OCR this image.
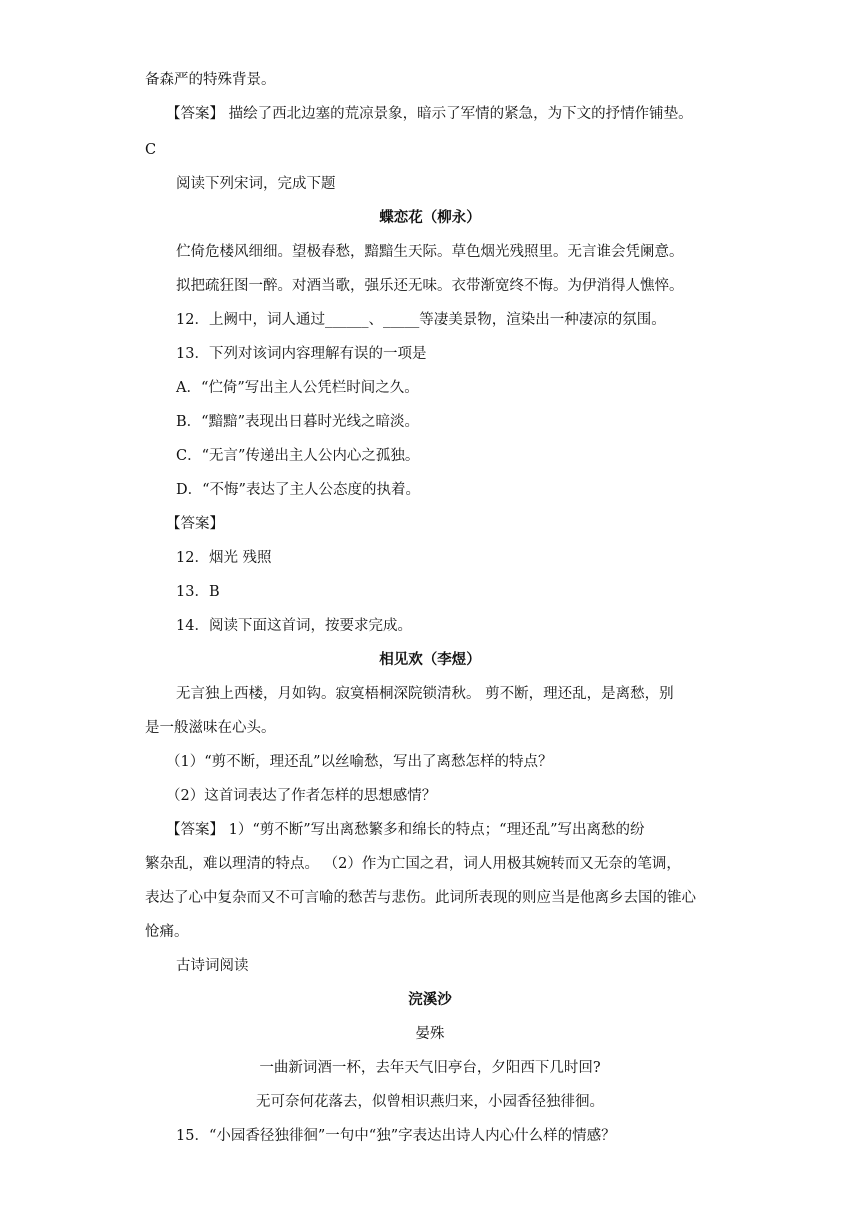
备森严的特殊背景。
【答案】 描绘了西北边塞的荒凉景象，暗示了军情的紧急，为下文的抒情作铺垫。
C
阅读下列宋词，完成下题
蝶恋花（柳永）
伫倚危楼风细细。望极春愁，黯黯生天际。草色烟光残照里。无言谁会凭阑意。
拟把疏狂图一醉。对酒当歌，强乐还无味。衣带渐宽终不悔。为伊消得人憔悴。
12．上阙中，词人通过______、_____等凄美景物，渲染出一种凄凉的氛围。
13．下列对该词内容理解有误的一项是
A．“伫倚”写出主人公凭栏时间之久。
B．“黯黯”表现出日暮时光线之暗淡。
C．“无言”传递出主人公内心之孤独。
D．“不悔”表达了主人公态度的执着。
【答案】
12．烟光 残照
13．B
14．阅读下面这首词，按要求完成。
相见欢（李煜）
无言独上西楼，月如钩。寂寞梧桐深院锁清秋。 剪不断，理还乱，是离愁，别
是一般滋味在心头。
（1）“剪不断，理还乱”以丝喻愁，写出了离愁怎样的特点？
（2）这首词表达了作者怎样的思想感情？
【答案】 1）“剪不断”写出离愁繁多和绵长的特点；“理还乱”写出离愁的纷
繁杂乱，难以理清的特点。 （2）作为亡国之君，词人用极其婉转而又无奈的笔调，
表达了心中复杂而又不可言喻的愁苦与悲伤。此词所表现的则应当是他离乡去国的锥心
怆痛。
古诗词阅读
浣溪沙
晏殊
一曲新词酒一杯，去年天气旧亭台，夕阳西下几时回?
无可奈何花落去，似曾相识燕归来，小园香径独徘徊。
15．“小园香径独徘徊”一句中“独”字表达出诗人内心什么样的情感？
